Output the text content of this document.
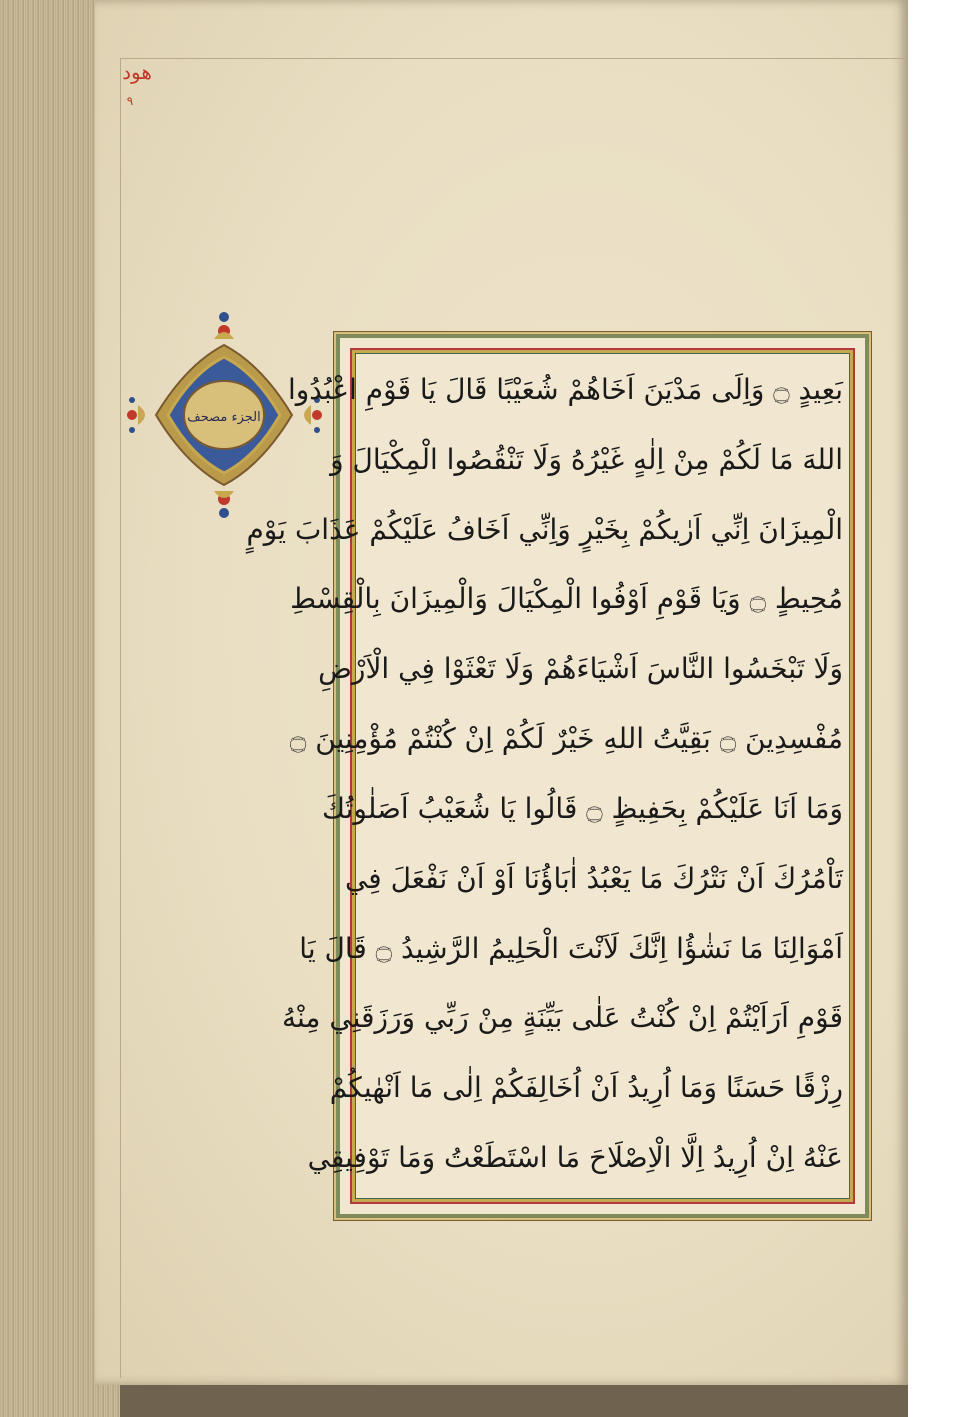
هود
٩
الجزء مصحف
بَعِيدٍ ۝ وَاِلَى مَدْيَنَ اَخَاهُمْ شُعَيْبًا قَالَ يَا قَوْمِ اعْبُدُوا
اللهَ مَا لَكُمْ مِنْ اِلٰهٍ غَيْرُهُ وَلَا تَنْقُصُوا الْمِكْيَالَ وَ
الْمِيزَانَ اِنِّي اَرٰيكُمْ بِخَيْرٍ وَاِنِّي اَخَافُ عَلَيْكُمْ عَذَابَ يَوْمٍ
مُحِيطٍ ۝ وَيَا قَوْمِ اَوْفُوا الْمِكْيَالَ وَالْمِيزَانَ بِالْقِسْطِ
وَلَا تَبْخَسُوا النَّاسَ اَشْيَاءَهُمْ وَلَا تَعْثَوْا فِي الْاَرْضِ
مُفْسِدِينَ ۝ بَقِيَّتُ اللهِ خَيْرٌ لَكُمْ اِنْ كُنْتُمْ مُؤْمِنِينَ ۝
وَمَا اَنَا عَلَيْكُمْ بِحَفِيظٍ ۝ قَالُوا يَا شُعَيْبُ اَصَلٰوتُكَ
تَاْمُرُكَ اَنْ نَتْرُكَ مَا يَعْبُدُ اٰبَاؤُنَا اَوْ اَنْ نَفْعَلَ فِي
اَمْوَالِنَا مَا نَشٰؤُا اِنَّكَ لَاَنْتَ الْحَلِيمُ الرَّشِيدُ ۝ قَالَ يَا
قَوْمِ اَرَاَيْتُمْ اِنْ كُنْتُ عَلٰى بَيِّنَةٍ مِنْ رَبِّي وَرَزَقَنِي مِنْهُ
رِزْقًا حَسَنًا وَمَا اُرِيدُ اَنْ اُخَالِفَكُمْ اِلٰى مَا اَنْهٰيكُمْ
عَنْهُ اِنْ اُرِيدُ اِلَّا الْاِصْلَاحَ مَا اسْتَطَعْتُ وَمَا تَوْفِيقِي
